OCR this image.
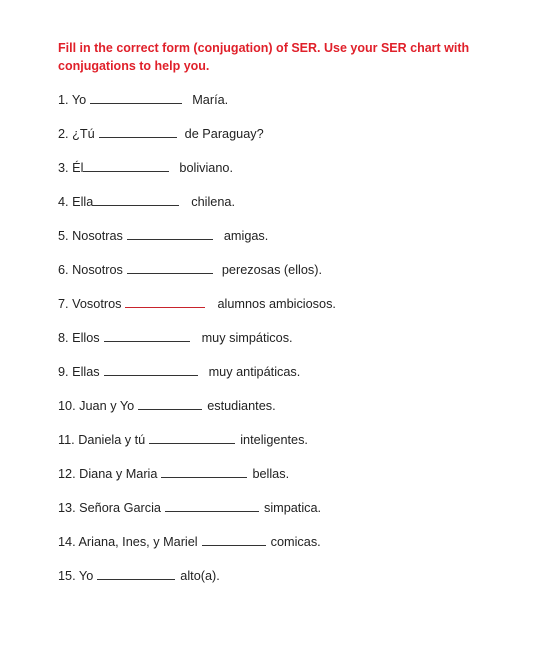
Fill in the correct form (conjugation) of SER. Use your SER chart with conjugations to help you.
1. Yo	María.
2. ¿Tú	de Paraguay?
3. Él	boliviano.
4. Ella	chilena.
5. Nosotras	amigas.
6. Nosotros	perezosas (ellos).
7. Vosotros	alumnos ambiciosos.
8. Ellos	muy simpáticos.
9. Ellas	muy antipáticas.
10. Juan y Yo	estudiantes.
11. Daniela y tú	inteligentes.
12. Diana y Maria	bellas.
13. Señora Garcia	simpatica.
14. Ariana, Ines, y Mariel	comicas.
15. Yo	alto(a).
